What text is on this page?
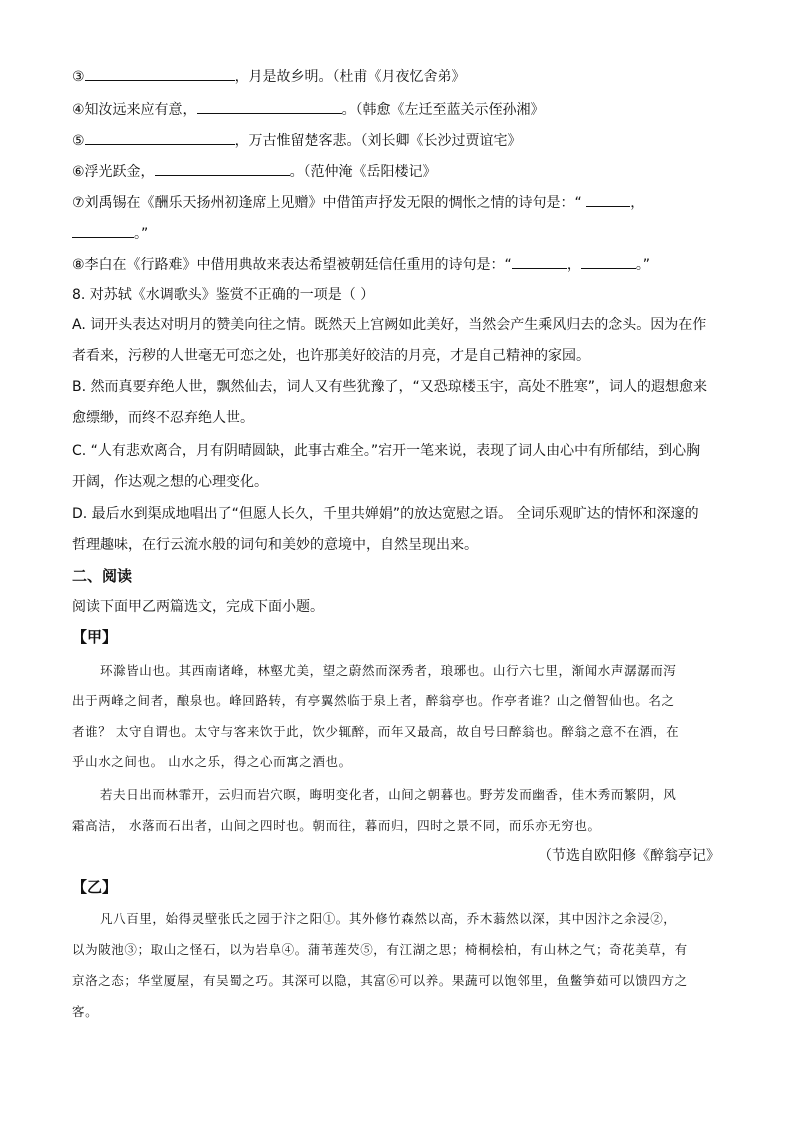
③	，月是故乡明。（杜甫《月夜忆舍弟》
④知汝远来应有意，	。（韩愈《左迁至蓝关示侄孙湘》
⑤	，万古惟留楚客悲。（刘长卿《长沙过贾谊宅》
⑥浮光跃金，	。（范仲淹《岳阳楼记》
⑦刘禹锡在《酬乐天扬州初逢席上见赠》中借笛声抒发无限的惆怅之情的诗句是：“	，
。”
⑧李白在《行路难》中借用典故来表达希望被朝廷信任重用的诗句是：“	，	。”
8. 对苏轼《水调歌头》鉴赏不正确的一项是（ ）
A. 词开头表达对明月的赞美向往之情。既然天上宫阙如此美好，当然会产生乘风归去的念头。因为在作
者看来，污秽的人世毫无可恋之处，也许那美好皎洁的月亮，才是自己精神的家园。
B. 然而真要弃绝人世，飘然仙去，词人又有些犹豫了，“又恐琼楼玉宇，高处不胜寒”，词人的遐想愈来
愈缥缈，而终不忍弃绝人世。
C. “人有悲欢离合，月有阴晴圆缺，此事古难全。”宕开一笔来说，表现了词人由心中有所郁结，到心胸
开阔，作达观之想的心理变化。
D. 最后水到渠成地唱出了“但愿人长久，千里共婵娟”的放达宽慰之语。 全词乐观旷达的情怀和深邃的
哲理趣味，在行云流水般的词句和美妙的意境中，自然呈现出来。
二、阅读
阅读下面甲乙两篇选文，完成下面小题。
【甲】
环滁皆山也。其西南诸峰，林壑尤美，望之蔚然而深秀者，琅琊也。山行六七里，渐闻水声潺潺而泻
出于两峰之间者，酿泉也。峰回路转，有亭翼然临于泉上者，醉翁亭也。作亭者谁？山之僧智仙也。名之
者谁？ 太守自谓也。太守与客来饮于此，饮少辄醉，而年又最高，故自号曰醉翁也。醉翁之意不在酒，在
乎山水之间也。 山水之乐，得之心而寓之酒也。
若夫日出而林霏开，云归而岩穴暝，晦明变化者，山间之朝暮也。野芳发而幽香，佳木秀而繁阴，风
霜高洁， 水落而石出者，山间之四时也。朝而往，暮而归，四时之景不同，而乐亦无穷也。
（节选自欧阳修《醉翁亭记》
【乙】
凡八百里，始得灵壁张氏之园于汴之阳①。其外修竹森然以高，乔木蓊然以深，其中因汴之余浸②，
以为陂池③；取山之怪石，以为岩阜④。蒲苇莲芡⑤，有江湖之思；椅桐桧柏，有山林之气；奇花美草，有
京洛之态；华堂厦屋，有吴蜀之巧。其深可以隐，其富⑥可以养。果蔬可以饱邻里，鱼鳖笋茹可以馈四方之
客。
